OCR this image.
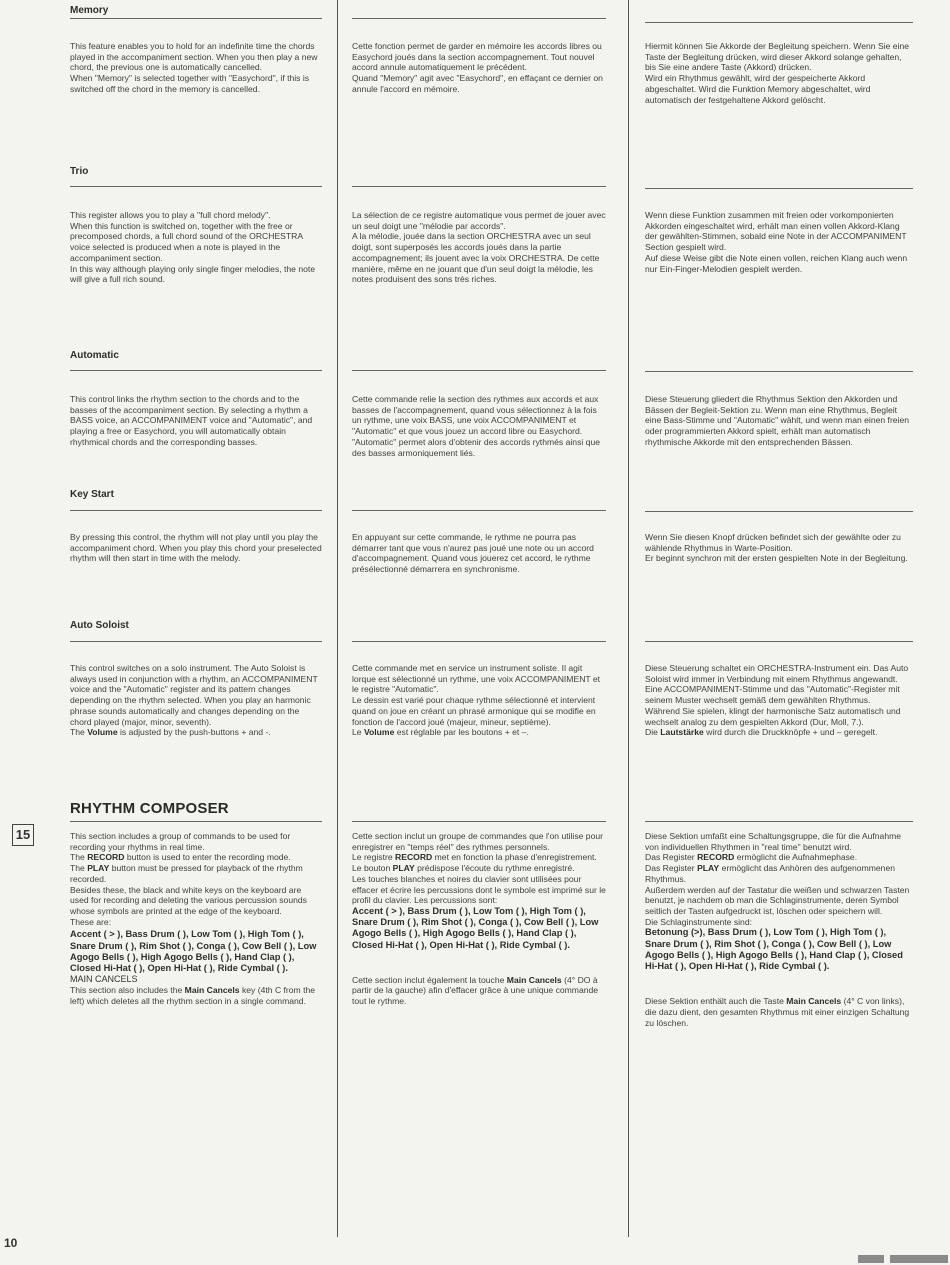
15
10
Memory

This feature enables you to hold for an indefinite time the chords played in the accompaniment section. When you then play a new chord, the previous one is automatically cancelled.

When "Memory" is selected together with "Easychord", if this is switched off the chord in the memory is cancelled.

Trio

This register allows you to play a "full chord melody".

When this function is switched on, together with the free or precomposed chords, a full chord sound of the ORCHESTRA voice selected is produced when a note is played in the accompaniment section.

In this way although playing only single finger melodies, the note will give a full rich sound.

Automatic

This control links the rhythm section to the chords and to the basses of the accompaniment section. By selecting a rhythm a BASS voice, an ACCOMPANIMENT voice and "Automatic", and playing a free or Easychord, you will automatically obtain rhythmical chords and the corresponding basses.

Key Start

By pressing this control, the rhythm will not play until you play the accompaniment chord. When you play this chord your preselected rhythm will then start in time with the melody.

Auto Soloist

This control switches on a solo instrument. The Auto Soloist is always used in conjunction with a rhythm, an ACCOMPANIMENT voice and the "Automatic" register and its pattern changes depending on the rhythm selected. When you play an harmonic phrase sounds automatically and changes depending on the chord played (major, minor, seventh).

The Volume is adjusted by the push-buttons + and -.

RHYTHM COMPOSER

This section includes a group of commands to be used for recording your rhythms in real time.

The RECORD button is used to enter the recording mode.

The PLAY button must be pressed for playback of the rhythm recorded.

Besides these, the black and white keys on the keyboard are used for recording and deleting the various percussion sounds whose symbols are printed at the edge of the keyboard.

These are:

Accent ( > ), Bass Drum ( ), Low Tom ( ), High Tom ( ), Snare Drum ( ), Rim Shot ( ), Conga ( ), Cow Bell ( ), Low Agogo Bells ( ), High Agogo Bells ( ), Hand Clap ( ), Closed Hi-Hat ( ), Open Hi-Hat ( ), Ride Cymbal ( ).

MAIN CANCELS

This section also includes the Main Cancels key (4th C from the left) which deletes all the rhythm section in a single command.

Cette fonction permet de garder en mémoire les accords libres ou Easychord joués dans la section accompagnement. Tout nouvel accord annule automatiquement le précédent.

Quand "Memory" agit avec "Easychord", en effaçant ce dernier on annule l'accord en mémoire.

La sélection de ce registre automatique vous permet de jouer avec un seul doigt une "mélodie par accords".

A la mélodie, jouée dans la section ORCHESTRA avec un seul doigt, sont superposés les accords joués dans la partie accompagnement; ils jouent avec la voix ORCHESTRA. De cette manière, même en ne jouant que d'un seul doigt la mélodie, les notes produisent des sons très riches.

Cette commande relie la section des rythmes aux accords et aux basses de l'accompagnement, quand vous sélectionnez à la fois un rythme, une voix BASS, une voix ACCOMPANIMENT et "Automatic" et que vous jouez un accord libre ou Easychord. "Automatic" permet alors d'obtenir des accords rythmés ainsi que des basses armoniquement liés.

En appuyant sur cette commande, le rythme ne pourra pas démarrer tant que vous n'aurez pas joué une note ou un accord d'accompagnement. Quand vous jouerez cet accord, le rythme présélectionné démarrera en synchronisme.

Cette commande met en service un instrument soliste. Il agit lorque est sélectionné un rythme, une voix ACCOMPANIMENT et le registre "Automatic".

Le dessin est varié pour chaque rythme sélectionné et intervient quand on joue en créant un phrasé armonique qui se modifie en fonction de l'accord joué (majeur, mineur, septième).

Le Volume est réglable par les boutons + et –.

Cette section inclut un groupe de commandes que l'on utilise pour enregistrer en "temps réel" des rythmes personnels.

Le registre RECORD met en fonction la phase d'enregistrement.

Le bouton PLAY prédispose l'écoute du rythme enregistré.

Les touches blanches et noires du clavier sont utilisées pour effacer et écrire les percussions dont le symbole est imprimé sur le profil du clavier. Les percussions sont:

Accent ( > ), Bass Drum ( ), Low Tom ( ), High Tom ( ), Snare Drum ( ), Rim Shot ( ), Conga ( ), Cow Bell ( ), Low Agogo Bells ( ), High Agogo Bells ( ), Hand Clap ( ), Closed Hi-Hat ( ), Open Hi-Hat ( ), Ride Cymbal ( ).

Cette section inclut également la touche Main Cancels (4° DO à partir de la gauche) afin d'effacer grâce à une unique commande tout le rythme.

Hiermit können Sie Akkorde der Begleitung speichern. Wenn Sie eine Taste der Begleitung drücken, wird dieser Akkord solange gehalten, bis Sie eine andere Taste (Akkord) drücken.

Wird ein Rhythmus gewählt, wird der gespeicherte Akkord abgeschaltet. Wird die Funktion Memory abgeschaltet, wird automatisch der festgehaltene Akkord gelöscht.

Wenn diese Funktion zusammen mit freien oder vorkomponierten Akkorden eingeschaltet wird, erhält man einen vollen Akkord-Klang der gewählten-Stimmen, sobald eine Note in der ACCOMPANIMENT Section gespielt wird.

Auf diese Weise gibt die Note einen vollen, reichen Klang auch wenn nur Ein-Finger-Melodien gespielt werden.

Diese Steuerung gliedert die Rhythmus Sektion den Akkorden und Bässen der Begleit-Sektion zu. Wenn man eine Rhythmus, Begleit eine Bass-Stimme und "Automatic" wählt, und wenn man einen freien oder programmierten Akkord spielt, erhält man automatisch rhythmische Akkorde mit den entsprechenden Bässen.

Wenn Sie diesen Knopf drücken befindet sich der gewählte oder zu wählende Rhythmus in Warte-Position.

Er beginnt synchron mit der ersten gespielten Note in der Begleitung.

Diese Steuerung schaltet ein ORCHESTRA-Instrument ein. Das Auto Soloist wird immer in Verbindung mit einem Rhythmus angewandt. Eine ACCOMPANIMENT-Stimme und das "Automatic"-Register mit seinem Muster wechselt gemäß dem gewählten Rhythmus.

Während Sie spielen, klingt der harmonische Satz automatisch und wechselt analog zu dem gespielten Akkord (Dur, Moll, 7.).

Die Lautstärke wird durch die Druckknöpfe + und – geregelt.

Diese Sektion umfaßt eine Schaltungsgruppe, die für die Aufnahme von individuellen Rhythmen in "real time" benutzt wird.

Das Register RECORD ermöglicht die Aufnahmephase.

Das Register PLAY ermöglicht das Anhören des aufgenommenen Rhythmus.

Außerdem werden auf der Tastatur die weißen und schwarzen Tasten benutzt, je nachdem ob man die Schlaginstrumente, deren Symbol seitlich der Tasten aufgedruckt ist, löschen oder speichern will.

Die Schlaginstrumente sind:

Betonung (>), Bass Drum ( ), Low Tom ( ), High Tom ( ), Snare Drum ( ), Rim Shot ( ), Conga ( ), Cow Bell ( ), Low Agogo Bells ( ), High Agogo Bells ( ), Hand Clap ( ), Closed Hi-Hat ( ), Open Hi-Hat ( ), Ride Cymbal ( ).

Diese Sektion enthält auch die Taste Main Cancels (4° C von links), die dazu dient, den gesamten Rhythmus mit einer einzigen Schaltung zu löschen.
